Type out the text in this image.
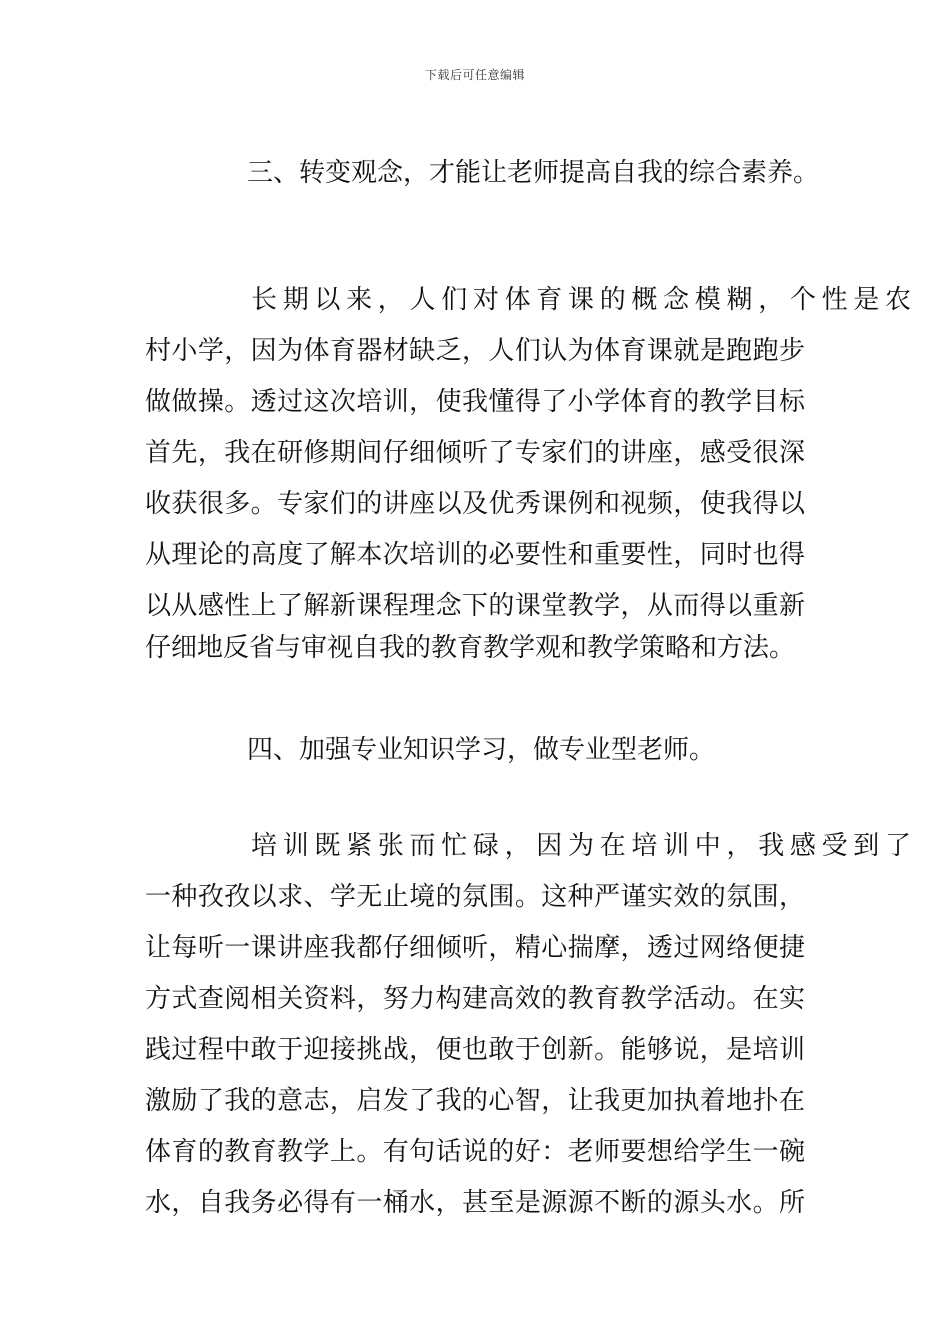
下载后可任意编辑
三、转变观念，才能让老师提高自我的综合素养。
长期以来，人们对体育课的概念模糊，个性是农
村小学，因为体育器材缺乏，人们认为体育课就是跑跑步
做做操。透过这次培训，使我懂得了小学体育的教学目标
首先，我在研修期间仔细倾听了专家们的讲座，感受很深
收获很多。专家们的讲座以及优秀课例和视频，使我得以
从理论的高度了解本次培训的必要性和重要性，同时也得
以从感性上了解新课程理念下的课堂教学，从而得以重新
仔细地反省与审视自我的教育教学观和教学策略和方法。
四、加强专业知识学习，做专业型老师。
培训既紧张而忙碌，因为在培训中，我感受到了
一种孜孜以求、学无止境的氛围。这种严谨实效的氛围，
让每听一课讲座我都仔细倾听，精心揣摩，透过网络便捷
方式查阅相关资料，努力构建高效的教育教学活动。在实
践过程中敢于迎接挑战，便也敢于创新。能够说，是培训
激励了我的意志，启发了我的心智，让我更加执着地扑在
体育的教育教学上。有句话说的好：老师要想给学生一碗
水，自我务必得有一桶水，甚至是源源不断的源头水。所
